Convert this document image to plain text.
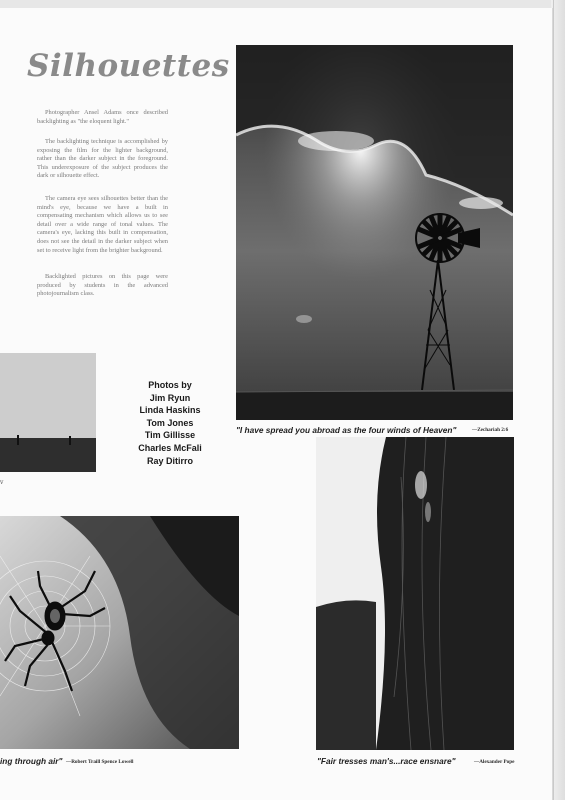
Silhouettes

Photographer Ansel Adams once described backlighting as "the eloquent light."

The backlighting technique is accomplished by exposing the film for the lighter background, rather than the darker subject in the foreground. This underexposure of the subject produces the dark or silhouette effect.

The camera eye sees silhouettes better than the mind's eye, because we have a built in compensating mechanism which allows us to see detail over a wide range of tonal values. The camera's eye, lacking this built in compensation, does not see the detail in the darker subject when set to receive light from the brighter background.

Backlighted pictures on this page were produced by students in the advanced photojournalism class.

Photos by
Jim Ryun
Linda Haskins
Tom Jones
Tim Gillisse
Charles McFali
Ray Ditirro
v
"I have spread you abroad as the four winds of Heaven"	—Zechariah 2:6
ing through air" —Robert Traill Spence Lowell	"Fair tresses man's...race ensnare"	—Alexander Pope
